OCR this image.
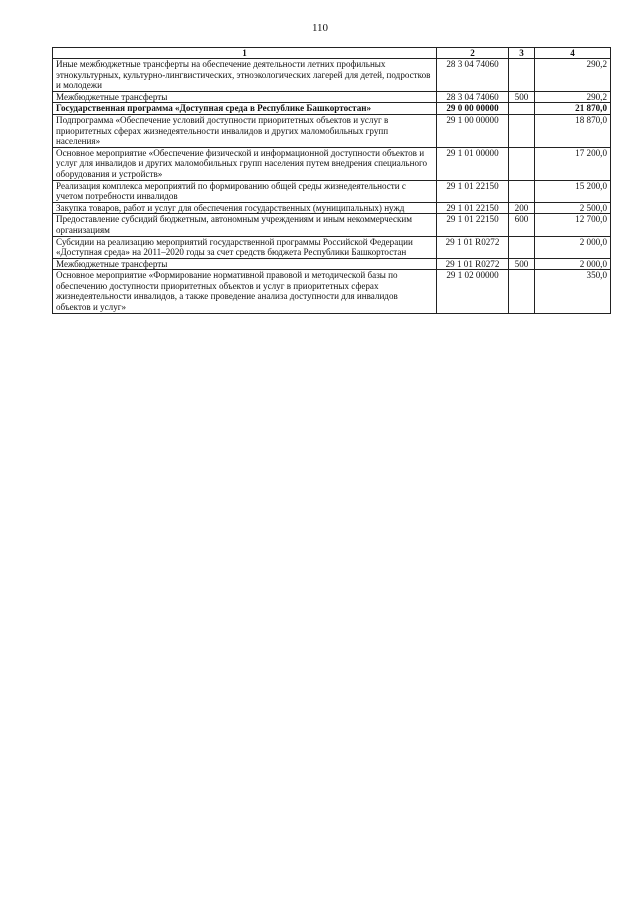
110
1	2	3	4
Иные межбюджетные трансферты на обеспечение деятельности летних профильных этнокультурных, культурно-лингвистических, этноэкологических лагерей для детей, подростков и молодежи	28 3 04 74060		290,2
Межбюджетные трансферты	28 3 04 74060	500	290,2
Государственная программа «Доступная среда в Республике Башкортостан»	29 0 00 00000		21 870,0
Подпрограмма «Обеспечение условий доступности приоритетных объектов и услуг в приоритетных сферах жизнедеятельности инвалидов и других маломобильных групп населения»	29 1 00 00000		18 870,0
Основное мероприятие «Обеспечение физической и информационной доступности объектов и услуг для инвалидов и других маломобильных групп населения путем внедрения специального оборудования и устройств»	29 1 01 00000		17 200,0
Реализация комплекса мероприятий по формированию общей среды жизнедеятельности с учетом потребности инвалидов	29 1 01 22150		15 200,0
Закупка товаров, работ и услуг для обеспечения государственных (муниципальных) нужд	29 1 01 22150	200	2 500,0
Предоставление субсидий бюджетным, автономным учреждениям и иным некоммерческим организациям	29 1 01 22150	600	12 700,0
Субсидии на реализацию мероприятий государственной программы Российской Федерации «Доступная среда» на 2011–2020 годы за счет средств бюджета Республики Башкортостан	29 1 01 R0272		2 000,0
Межбюджетные трансферты	29 1 01 R0272	500	2 000,0
Основное мероприятие «Формирование нормативной правовой и методической базы по обеспечению доступности приоритетных объектов и услуг в приоритетных сферах жизнедеятельности инвалидов, а также проведение анализа доступности для инвалидов объектов и услуг»	29 1 02 00000		350,0
